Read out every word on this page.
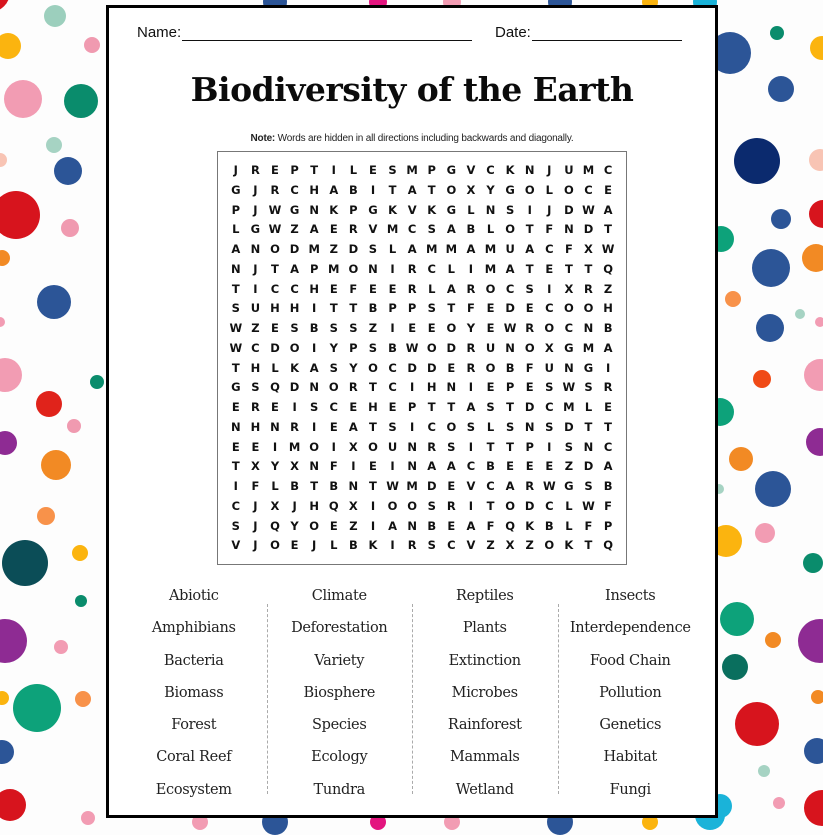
Name:	Date:
Biodiversity of the Earth
Note: Words are hidden in all directions including backwards and diagonally.
J	R E P T	I	L	E	S M P G V C K N	J	U M C
G	J	R C H A B	I	T A T O X Y G O L O C E
P	J W G N K P G K V K G L N S	I	J	D W A
L G W Z A E R V M C S A B	L O T	F N D T
A N O D M Z D S	L A M M A M U A C F X W
N	J	T A P M O N	I	R C	L	I	M A T	E	T	T Q
T	I	C C H E	F	E	E R	L A R O C S	I	X R Z
S U H H	I	T	T B P P S	T	F	E D E C O O H
W Z E	S B S S Z	I	E	E O Y	E W R O C N B
W C D O	I	Y P S B W O D R U N O X G M A
T H L K A S Y O C D D E R O B F U N G	I
G S Q D N O R T C	I	H N	I	E P E	S W S R
E R E	I	S C E H E P T	T A S	T D C M L	E
N H N R	I	E A T	S	I	C O S	L	S N S D T	T
E	E	I	M O	I	X O U N R S	I	T	T P	I	S N C
T X Y X N F	I	E	I	N A A C B E	E	E	Z D A
I	F	L	B T B N T W M D E V C A R W G S B
C	J	X	J	H Q X	I	O O S R	I	T O D C	L W F
S	J	Q Y O E	Z	I	A N B E A F Q K B	L	F P
V	J	O E	J	L	B K	I	R S C V Z X Z O K T Q
Abiotic
Amphibians
Bacteria
Biomass
Forest
Coral Reef
Ecosystem
Climate
Deforestation
Variety
Biosphere
Species
Ecology
Tundra
Reptiles
Plants
Extinction
Microbes
Rainforest
Mammals
Wetland
Insects
Interdependence
Food Chain
Pollution
Genetics
Habitat
Fungi
